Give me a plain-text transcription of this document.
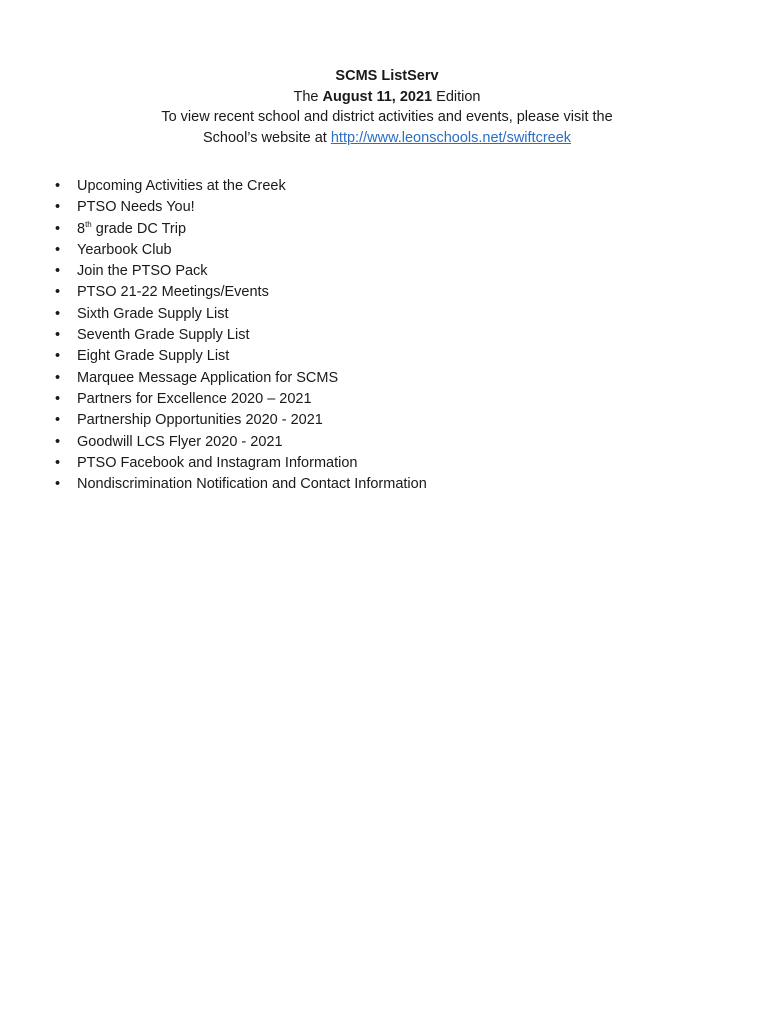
SCMS ListServ
The August 11, 2021 Edition
To view recent school and district activities and events, please visit the
School’s website at http://www.leonschools.net/swiftcreek
• Upcoming Activities at the Creek
• PTSO Needs You!
• 8th grade DC Trip
• Yearbook Club
• Join the PTSO Pack
• PTSO 21-22 Meetings/Events
• Sixth Grade Supply List
• Seventh Grade Supply List
• Eight Grade Supply List
• Marquee Message Application for SCMS
• Partners for Excellence 2020 – 2021
• Partnership Opportunities 2020 - 2021
• Goodwill LCS Flyer 2020 - 2021
• PTSO Facebook and Instagram Information
• Nondiscrimination Notification and Contact Information
